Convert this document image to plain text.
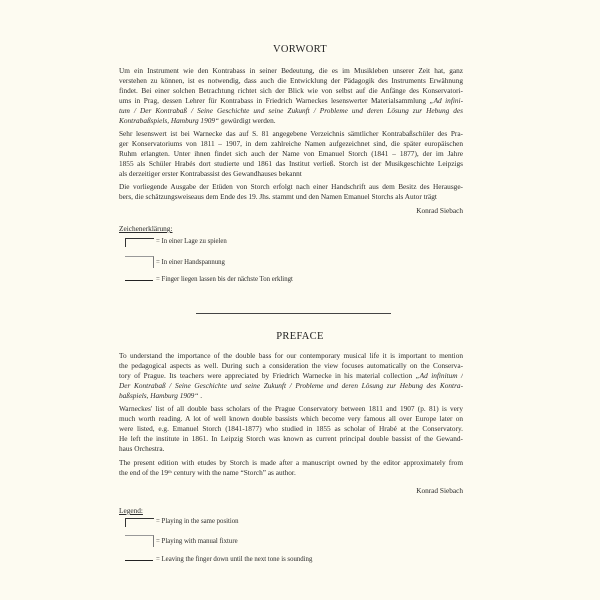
VORWORT
Um ein Instrument wie den Kontrabass in seiner Bedeutung, die es im Musikleben unserer Zeit hat, ganz
verstehen zu können, ist es notwendig, dass auch die Entwicklung der Pädagogik des Instruments Erwähnung
findet. Bei einer solchen Betrachtung richtet sich der Blick wie von selbst auf die Anfänge des Konservatori-
ums in Prag, dessen Lehrer für Kontrabass in Friedrich Warneckes lesenswerter Materialsammlung „Ad infini-
tum / Der Kontrabaß / Seine Geschichte und seine Zukunft / Probleme und deren Lösung zur Hebung des
Kontrabaßspiels, Hamburg 1909“ gewürdigt werden.
Sehr lesenswert ist bei Warnecke das auf S. 81 angegebene Verzeichnis sämtlicher Kontrabaßschüler des Pra-
ger Konservatoriums von 1811 – 1907, in dem zahlreiche Namen aufgezeichnet sind, die später europäischen
Ruhm erlangten. Unter ihnen findet sich auch der Name von Emanuel Storch (1841 – 1877), der im Jahre
1855 als Schüler Hrabés dort studierte und 1861 das Institut verließ. Storch ist der Musikgeschichte Leipzigs
als derzeitiger erster Kontrabassist des Gewandhauses bekannt
Die vorliegende Ausgabe der Etüden von Storch erfolgt nach einer Handschrift aus dem Besitz des Herausge-
bers, die schätzungsweiseaus dem Ende des 19. Jhs. stammt und den Namen Emanuel Storchs als Autor trägt
Konrad Siebach
Zeichenerklärung:
= In einer Lage zu spielen
= In einer Handspannung
= Finger liegen lassen bis der nächste Ton erklingt
PREFACE
To understand the importance of the double bass for our contemporary musical life it is important to mention
the pedagogical aspects as well. During such a consideration the view focuses automatically on the Conserva-
tory of Prague. Its teachers were appreciated by Friedrich Warnecke in his material collection „Ad infinitum /
Der Kontrabaß / Seine Geschichte und seine Zukunft / Probleme und deren Lösung zur Hebung des Kontra-
baßspiels, Hamburg 1909“ .
Warneckes' list of all double bass scholars of the Prague Conservatory between 1811 and 1907 (p. 81) is very
much worth reading. A lot of well known double bassists which become very famous all over Europe later on
were listed, e.g. Emanuel Storch (1841-1877) who studied in 1855 as scholar of Hrabé at the Conservatory.
He left the institute in 1861. In Leipzig Storch was known as current principal double bassist of the Gewand-
haus Orchestra.
The present edition with etudes by Storch is made after a manuscript owned by the editor approximately from
the end of the 19ᵗʰ century with the name “Storch” as author.
Konrad Siebach
Legend:
= Playing in the same position
= Playing with manual fixture
= Leaving the finger down until the next tone is sounding
